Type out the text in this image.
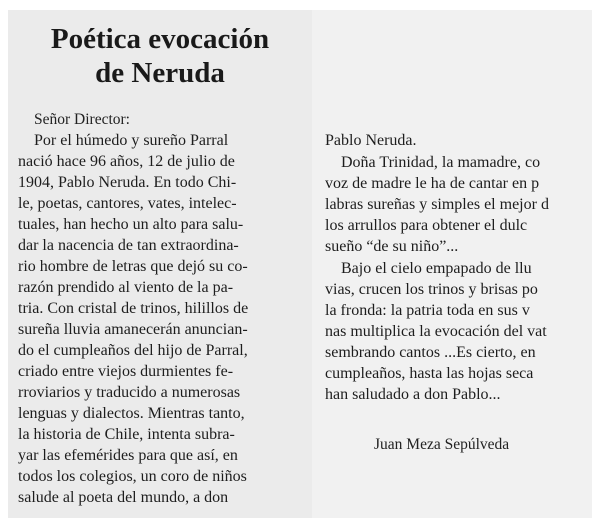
Poética evocación
de Neruda

Señor Director:

Por el húmedo y sureño Parral

nació hace 96 años, 12 de julio de

1904, Pablo Neruda. En todo Chi-

le, poetas, cantores, vates, intelec-

tuales, han hecho un alto para salu-

dar la nacencia de tan extraordina-

rio hombre de letras que dejó su co-

razón prendido al viento de la pa-

tria. Con cristal de trinos, hilillos de

sureña lluvia amanecerán anuncian-

do el cumpleaños del hijo de Parral,

criado entre viejos durmientes fe-

rroviarios y traducido a numerosas

lenguas y dialectos. Mientras tanto,

la historia de Chile, intenta subra-

yar las efemérides para que así, en

todos los colegios, un coro de niños

salude al poeta del mundo, a don

Pablo Neruda.

Doña Trinidad, la mamadre, co

voz de madre le ha de cantar en p

labras sureñas y simples el mejor d

los arrullos para obtener el dulc

sueño “de su niño”...

Bajo el cielo empapado de llu

vias, crucen los trinos y brisas po

la fronda: la patria toda en sus v

nas multiplica la evocación del vat

sembrando cantos ...Es cierto, en

cumpleaños, hasta las hojas seca

han saludado a don Pablo...

Juan Meza Sepúlveda
